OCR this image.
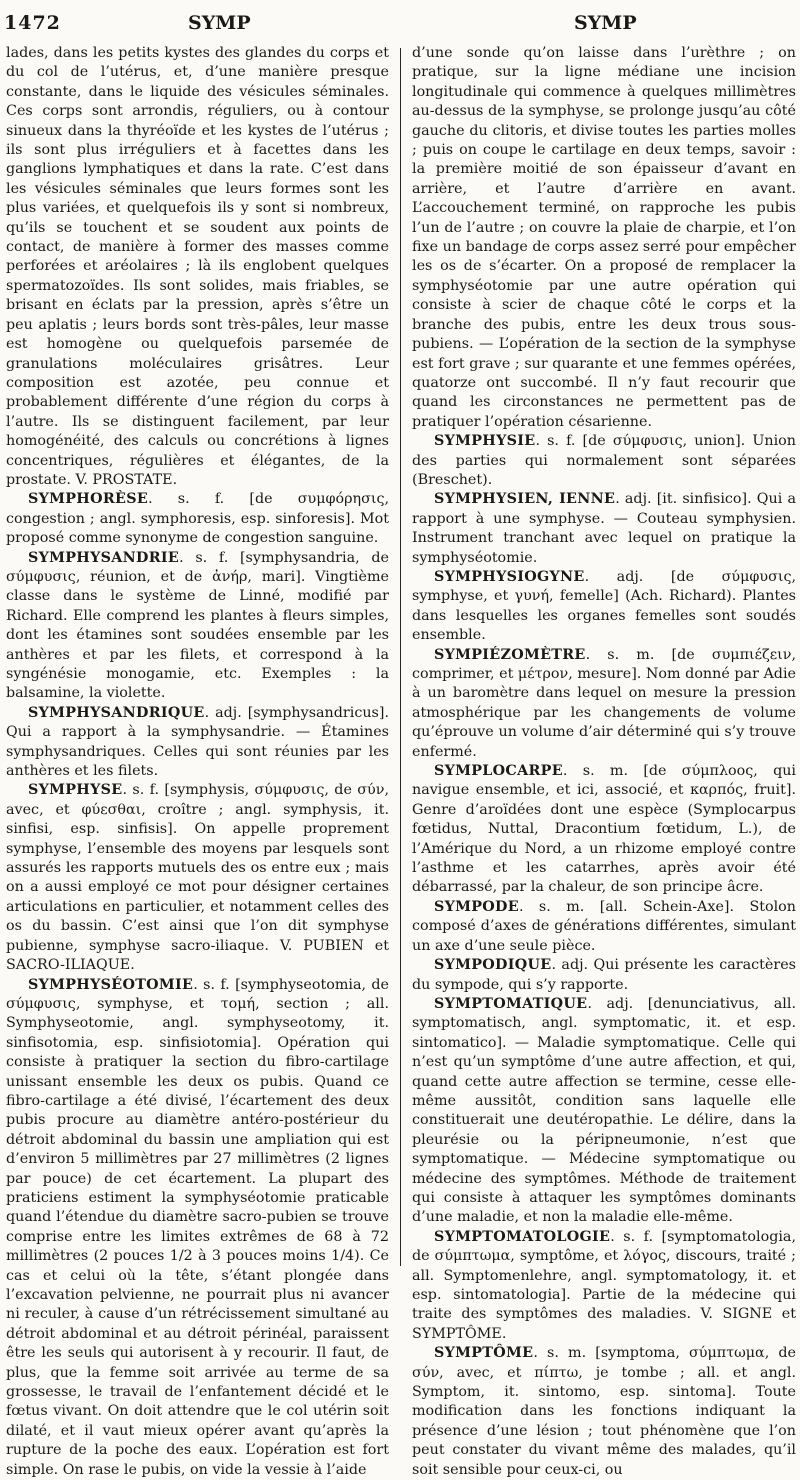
1472	SYMP	SYMP

lades, dans les petits kystes des glandes du corps et du col de l’utérus, et, d’une manière presque constante, dans le liquide des vésicules séminales. Ces corps sont arrondis, réguliers, ou à contour sinueux dans la thyréoïde et les kystes de l’utérus ; ils sont plus irréguliers et à facettes dans les ganglions lymphatiques et dans la rate. C’est dans les vésicules séminales que leurs formes sont les plus variées, et quelquefois ils y sont si nombreux, qu’ils se touchent et se soudent aux points de contact, de manière à former des masses comme perforées et aréolaires ; là ils englobent quelques spermatozoïdes. Ils sont solides, mais friables, se brisant en éclats par la pression, après s’être un peu aplatis ; leurs bords sont très-pâles, leur masse est homogène ou quelquefois parsemée de granulations moléculaires grisâtres. Leur composition est azotée, peu connue et probablement différente d’une région du corps à l’autre. Ils se distinguent facilement, par leur homogénéité, des calculs ou concrétions à lignes concentriques, régulières et élégantes, de la prostate. V. PROSTATE.

SYMPHORÈSE. s. f. [de συμφόρησις, congestion ; angl. symphoresis, esp. sinforesis]. Mot proposé comme synonyme de congestion sanguine.

SYMPHYSANDRIE. s. f. [symphysandria, de σύμφυσις, réunion, et de ἀνήρ, mari]. Vingtième classe dans le système de Linné, modifié par Richard. Elle comprend les plantes à fleurs simples, dont les étamines sont soudées ensemble par les anthères et par les filets, et correspond à la syngénésie monogamie, etc. Exemples : la balsamine, la violette.

SYMPHYSANDRIQUE. adj. [symphysandricus]. Qui a rapport à la symphysandrie. — Étamines symphysandriques. Celles qui sont réunies par les anthères et les filets.

SYMPHYSE. s. f. [symphysis, σύμφυσις, de σύν, avec, et φύεσθαι, croître ; angl. symphysis, it. sinfisi, esp. sinfisis]. On appelle proprement symphyse, l’ensemble des moyens par lesquels sont assurés les rapports mutuels des os entre eux ; mais on a aussi employé ce mot pour désigner certaines articulations en particulier, et notamment celles des os du bassin. C’est ainsi que l’on dit symphyse pubienne, symphyse sacro-iliaque. V. PUBIEN et SACRO-ILIAQUE.

SYMPHYSÉOTOMIE. s. f. [symphyseotomia, de σύμφυσις, symphyse, et τομή, section ; all. Symphyseotomie, angl. symphyseotomy, it. sinfisotomia, esp. sinfisiotomia]. Opération qui consiste à pratiquer la section du fibro-cartilage unissant ensemble les deux os pubis. Quand ce fibro-cartilage a été divisé, l’écartement des deux pubis procure au diamètre antéro-postérieur du détroit abdominal du bassin une ampliation qui est d’environ 5 millimètres par 27 millimètres (2 lignes par pouce) de cet écartement. La plupart des praticiens estiment la symphyséotomie praticable quand l’étendue du diamètre sacro-pubien se trouve comprise entre les limites extrêmes de 68 à 72 millimètres (2 pouces 1/2 à 3 pouces moins 1/4). Ce cas et celui où la tête, s’étant plongée dans l’excavation pelvienne, ne pourrait plus ni avancer ni reculer, à cause d’un rétrécissement simultané au détroit abdominal et au détroit périnéal, paraissent être les seuls qui autorisent à y recourir. Il faut, de plus, que la femme soit arrivée au terme de sa grossesse, le travail de l’enfantement décidé et le fœtus vivant. On doit attendre que le col utérin soit dilaté, et il vaut mieux opérer avant qu’après la rupture de la poche des eaux. L’opération est fort simple. On rase le pubis, on vide la vessie à l’aide

d’une sonde qu’on laisse dans l’urèthre ; on pratique, sur la ligne médiane une incision longitudinale qui commence à quelques millimètres au-dessus de la symphyse, se prolonge jusqu’au côté gauche du clitoris, et divise toutes les parties molles ; puis on coupe le cartilage en deux temps, savoir : la première moitié de son épaisseur d’avant en arrière, et l’autre d’arrière en avant. L’accouchement terminé, on rapproche les pubis l’un de l’autre ; on couvre la plaie de charpie, et l’on fixe un bandage de corps assez serré pour empêcher les os de s’écarter. On a proposé de remplacer la symphyséotomie par une autre opération qui consiste à scier de chaque côté le corps et la branche des pubis, entre les deux trous sous-pubiens. — L’opération de la section de la symphyse est fort grave ; sur quarante et une femmes opérées, quatorze ont succombé. Il n’y faut recourir que quand les circonstances ne permettent pas de pratiquer l’opération césarienne.

SYMPHYSIE. s. f. [de σύμφυσις, union]. Union des parties qui normalement sont séparées (Breschet).

SYMPHYSIEN, IENNE. adj. [it. sinfisico]. Qui a rapport à une symphyse. — Couteau symphysien. Instrument tranchant avec lequel on pratique la symphyséotomie.

SYMPHYSIOGYNE. adj. [de σύμφυσις, symphyse, et γυνή, femelle] (Ach. Richard). Plantes dans lesquelles les organes femelles sont soudés ensemble.

SYMPIÉZOMÈTRE. s. m. [de συμπιέζειν, comprimer, et μέτρον, mesure]. Nom donné par Adie à un baromètre dans lequel on mesure la pression atmosphérique par les changements de volume qu’éprouve un volume d’air déterminé qui s’y trouve enfermé.

SYMPLOCARPE. s. m. [de σύμπλοος, qui navigue ensemble, et ici, associé, et καρπός, fruit]. Genre d’aroïdées dont une espèce (Symplocarpus fœtidus, Nuttal, Dracontium fœtidum, L.), de l’Amérique du Nord, a un rhizome employé contre l’asthme et les catarrhes, après avoir été débarrassé, par la chaleur, de son principe âcre.

SYMPODE. s. m. [all. Schein-Axe]. Stolon composé d’axes de générations différentes, simulant un axe d’une seule pièce.

SYMPODIQUE. adj. Qui présente les caractères du sympode, qui s’y rapporte.

SYMPTOMATIQUE. adj. [denunciativus, all. symptomatisch, angl. symptomatic, it. et esp. sintomatico]. — Maladie symptomatique. Celle qui n’est qu’un symptôme d’une autre affection, et qui, quand cette autre affection se termine, cesse elle-même aussitôt, condition sans laquelle elle constituerait une deutéropathie. Le délire, dans la pleurésie ou la péripneumonie, n’est que symptomatique. — Médecine symptomatique ou médecine des symptômes. Méthode de traitement qui consiste à attaquer les symptômes dominants d’une maladie, et non la maladie elle-même.

SYMPTOMATOLOGIE. s. f. [symptomatologia, de σύμπτωμα, symptôme, et λόγος, discours, traité ; all. Symptomenlehre, angl. symptomatology, it. et esp. sintomatologia]. Partie de la médecine qui traite des symptômes des maladies. V. SIGNE et SYMPTÔME.

SYMPTÔME. s. m. [symptoma, σύμπτωμα, de σύν, avec, et πίπτω, je tombe ; all. et angl. Symptom, it. sintomo, esp. sintoma]. Toute modification dans les fonctions indiquant la présence d’une lésion ; tout phénomène que l’on peut constater du vivant même des malades, qu’il soit sensible pour ceux-ci, ou
